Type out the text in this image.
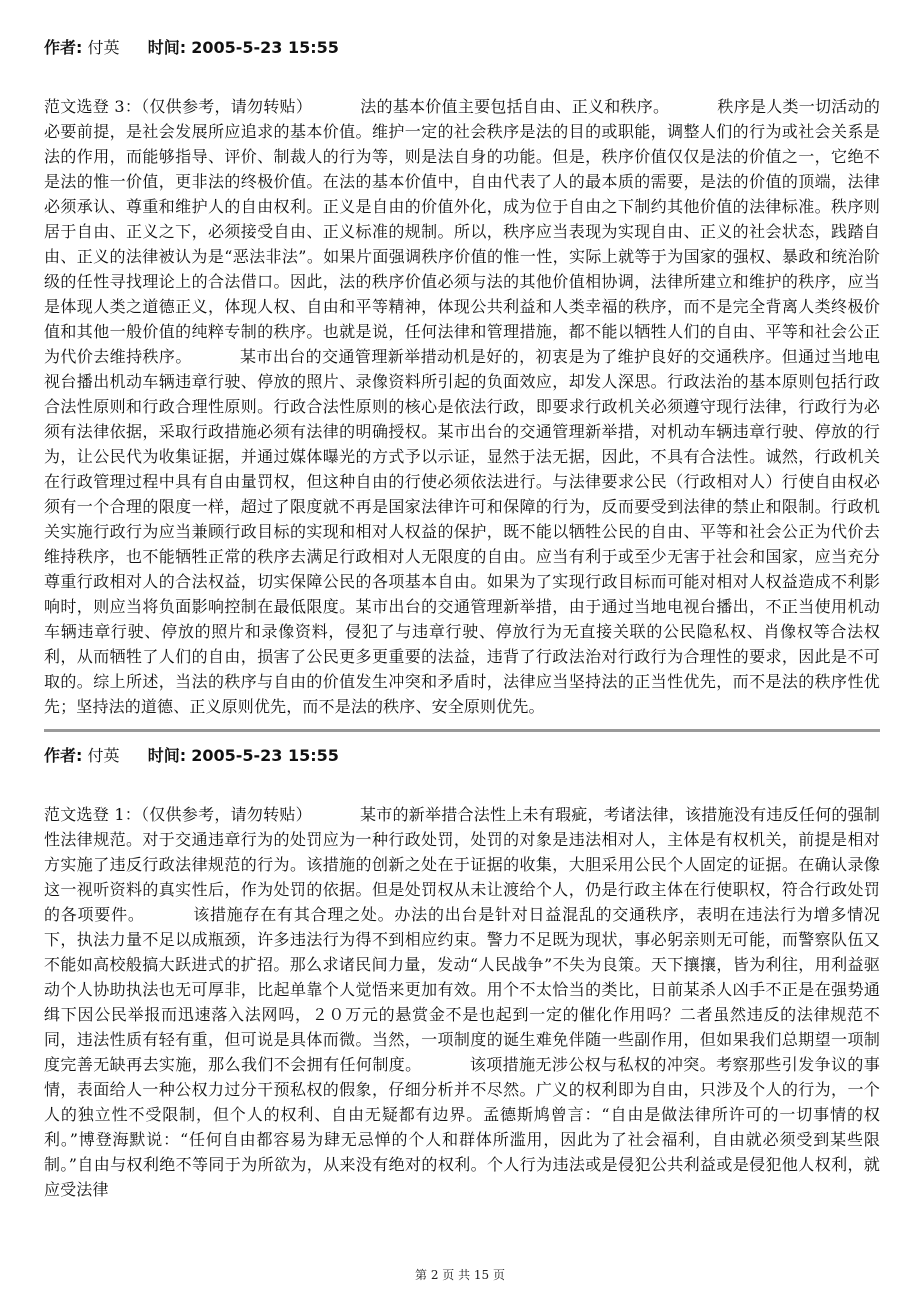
作者: 付英 时间: 2005-5-23 15:55

范文选登 3：（仅供参考，请勿转贴）	法的基本价值主要包括自由、正义和秩序。	秩序是人类一切活动的必要前提，是社会发展所应追求的基本价值。维护一定的社会秩序是法的目的或职能，调整人们的行为或社会关系是法的作用，而能够指导、评价、制裁人的行为等，则是法自身的功能。但是，秩序价值仅仅是法的价值之一，它绝不是法的惟一价值，更非法的终极价值。在法的基本价值中，自由代表了人的最本质的需要，是法的价值的顶端，法律必须承认、尊重和维护人的自由权利。正义是自由的价值外化，成为位于自由之下制约其他价值的法律标准。秩序则居于自由、正义之下，必须接受自由、正义标准的规制。所以，秩序应当表现为实现自由、正义的社会状态，践踏自由、正义的法律被认为是“恶法非法”。如果片面强调秩序价值的惟一性，实际上就等于为国家的强权、暴政和统治阶级的任性寻找理论上的合法借口。因此，法的秩序价值必须与法的其他价值相协调，法律所建立和维护的秩序，应当是体现人类之道德正义，体现人权、自由和平等精神，体现公共利益和人类幸福的秩序，而不是完全背离人类终极价值和其他一般价值的纯粹专制的秩序。也就是说，任何法律和管理措施，都不能以牺牲人们的自由、平等和社会公正为代价去维持秩序。	某市出台的交通管理新举措动机是好的，初衷是为了维护良好的交通秩序。但通过当地电视台播出机动车辆违章行驶、停放的照片、录像资料所引起的负面效应，却发人深思。行政法治的基本原则包括行政合法性原则和行政合理性原则。行政合法性原则的核心是依法行政，即要求行政机关必须遵守现行法律，行政行为必须有法律依据，采取行政措施必须有法律的明确授权。某市出台的交通管理新举措，对机动车辆违章行驶、停放的行为，让公民代为收集证据，并通过媒体曝光的方式予以示证，显然于法无据，因此，不具有合法性。诚然，行政机关在行政管理过程中具有自由量罚权，但这种自由的行使必须依法进行。与法律要求公民（行政相对人）行使自由权必须有一个合理的限度一样，超过了限度就不再是国家法律许可和保障的行为，反而要受到法律的禁止和限制。行政机关实施行政行为应当兼顾行政目标的实现和相对人权益的保护，既不能以牺牲公民的自由、平等和社会公正为代价去维持秩序，也不能牺牲正常的秩序去满足行政相对人无限度的自由。应当有利于或至少无害于社会和国家，应当充分尊重行政相对人的合法权益，切实保障公民的各项基本自由。如果为了实现行政目标而可能对相对人权益造成不利影响时，则应当将负面影响控制在最低限度。某市出台的交通管理新举措，由于通过当地电视台播出，不正当使用机动车辆违章行驶、停放的照片和录像资料，侵犯了与违章行驶、停放行为无直接关联的公民隐私权、肖像权等合法权利，从而牺牲了人们的自由，损害了公民更多更重要的法益，违背了行政法治对行政行为合理性的要求，因此是不可取的。综上所述，当法的秩序与自由的价值发生冲突和矛盾时，法律应当坚持法的正当性优先，而不是法的秩序性优先；坚持法的道德、正义原则优先，而不是法的秩序、安全原则优先。

作者: 付英 时间: 2005-5-23 15:55

范文选登 1：（仅供参考，请勿转贴）	某市的新举措合法性上未有瑕疵，考诸法律，该措施没有违反任何的强制性法律规范。对于交通违章行为的处罚应为一种行政处罚，处罚的对象是违法相对人，主体是有权机关，前提是相对方实施了违反行政法律规范的行为。该措施的创新之处在于证据的收集，大胆采用公民个人固定的证据。在确认录像这一视听资料的真实性后，作为处罚的依据。但是处罚权从未让渡给个人，仍是行政主体在行使职权，符合行政处罚的各项要件。	该措施存在有其合理之处。办法的出台是针对日益混乱的交通秩序，表明在违法行为增多情况下，执法力量不足以成瓶颈，许多违法行为得不到相应约束。警力不足既为现状，事必躬亲则无可能，而警察队伍又不能如高校般搞大跃进式的扩招。那么求诸民间力量，发动“人民战争”不失为良策。天下攘攘，皆为利往，用利益驱动个人协助执法也无可厚非，比起单靠个人觉悟来更加有效。用个不太恰当的类比，日前某杀人凶手不正是在强势通缉下因公民举报而迅速落入法网吗，２０万元的悬赏金不是也起到一定的催化作用吗？二者虽然违反的法律规范不同，违法性质有轻有重，但可说是具体而微。当然，一项制度的诞生难免伴随一些副作用，但如果我们总期望一项制度完善无缺再去实施，那么我们不会拥有任何制度。	该项措施无涉公权与私权的冲突。考察那些引发争议的事情，表面给人一种公权力过分干预私权的假象，仔细分析并不尽然。广义的权利即为自由，只涉及个人的行为，一个人的独立性不受限制，但个人的权利、自由无疑都有边界。孟德斯鸠曾言：“自由是做法律所许可的一切事情的权利。”博登海默说：“任何自由都容易为肆无忌惮的个人和群体所滥用，因此为了社会福利，自由就必须受到某些限制。”自由与权利绝不等同于为所欲为，从来没有绝对的权利。个人行为违法或是侵犯公共利益或是侵犯他人权利，就应受法律

第 2 页 共 15 页
